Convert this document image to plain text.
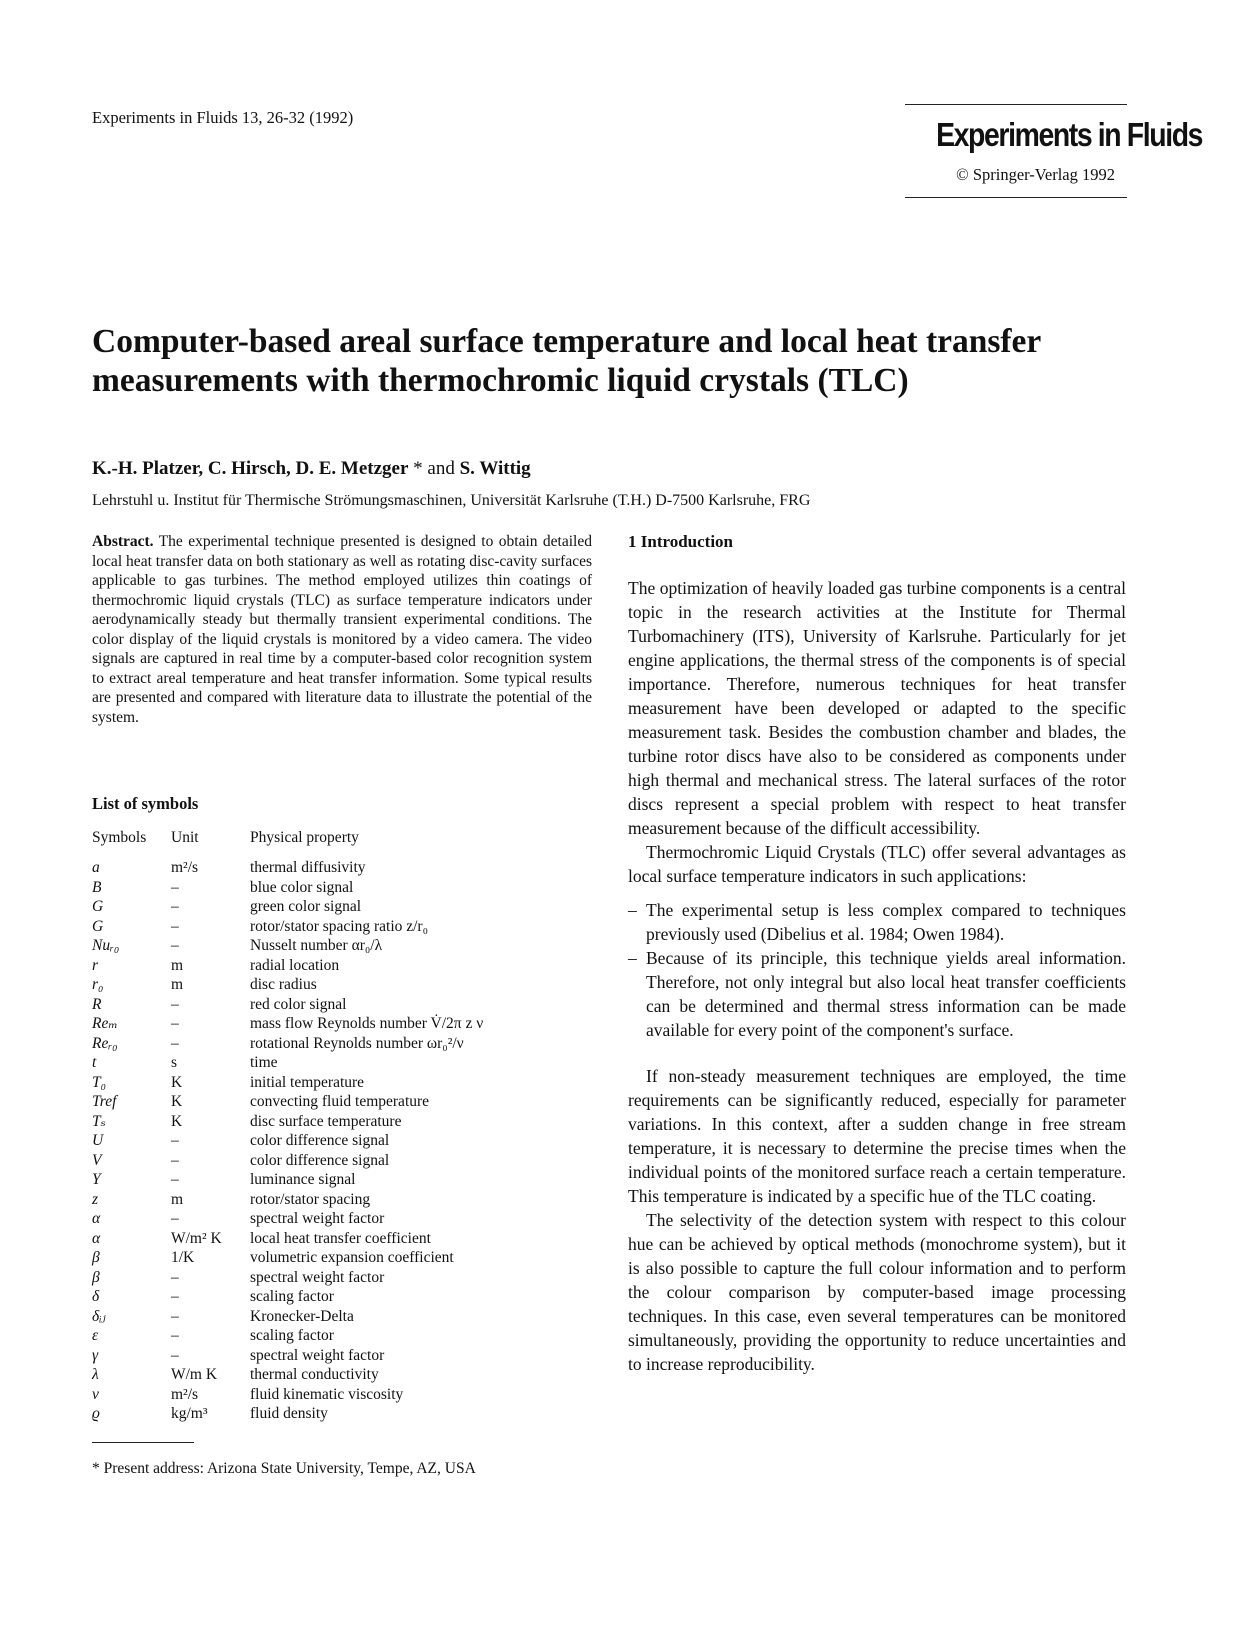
Experiments in Fluids 13, 26-32 (1992)	Experiments in Fluids
© Springer-Verlag 1992
Computer-based areal surface temperature and local heat transfer measurements with thermochromic liquid crystals (TLC)
K.-H. Platzer, C. Hirsch, D. E. Metzger * and S. Wittig
Lehrstuhl u. Institut für Thermische Strömungsmaschinen, Universität Karlsruhe (T.H.) D-7500 Karlsruhe, FRG
Abstract. The experimental technique presented is designed to obtain detailed local heat transfer data on both stationary as well as rotating disc-cavity surfaces applicable to gas turbines. The method employed utilizes thin coatings of thermochromic liquid crystals (TLC) as surface temperature indicators under aerodynamically steady but thermally transient experimental conditions. The color display of the liquid crystals is monitored by a video camera. The video signals are captured in real time by a computer-based color recognition system to extract areal temperature and heat transfer information. Some typical results are presented and compared with literature data to illustrate the potential of the system.
List of symbols
Symbols	Unit	Physical property
a	m²/s	thermal diffusivity
B	–	blue color signal
G	–	green color signal
G	–	rotor/stator spacing ratio z/r₀
Nuᵣ₀	–	Nusselt number αr₀/λ
r	m	radial location
r₀	m	disc radius
R	–	red color signal
Reₘ	–	mass flow Reynolds number V̇/2π z ν
Reᵣ₀	–	rotational Reynolds number ωr₀²/ν
t	s	time
T₀	K	initial temperature
Tref	K	convecting fluid temperature
Tₛ	K	disc surface temperature
U	–	color difference signal
V	–	color difference signal
Y	–	luminance signal
z	m	rotor/stator spacing
α	–	spectral weight factor
α	W/m² K	local heat transfer coefficient
β	1/K	volumetric expansion coefficient
β	–	spectral weight factor
δ	–	scaling factor
δᵢⱼ	–	Kronecker-Delta
ε	–	scaling factor
γ	–	spectral weight factor
λ	W/m K	thermal conductivity
ν	m²/s	fluid kinematic viscosity
ϱ	kg/m³	fluid density
* Present address: Arizona State University, Tempe, AZ, USA
1 Introduction

The optimization of heavily loaded gas turbine components is a central topic in the research activities at the Institute for Thermal Turbomachinery (ITS), University of Karlsruhe. Particularly for jet engine applications, the thermal stress of the components is of special importance. Therefore, numerous techniques for heat transfer measurement have been developed or adapted to the specific measurement task. Besides the combustion chamber and blades, the turbine rotor discs have also to be considered as components under high thermal and mechanical stress. The lateral surfaces of the rotor discs represent a special problem with respect to heat transfer measurement because of the difficult accessibility.

Thermochromic Liquid Crystals (TLC) offer several advantages as local surface temperature indicators in such applications:

– The experimental setup is less complex compared to techniques previously used (Dibelius et al. 1984; Owen 1984).
– Because of its principle, this technique yields areal information. Therefore, not only integral but also local heat transfer coefficients can be determined and thermal stress information can be made available for every point of the component's surface.

If non-steady measurement techniques are employed, the time requirements can be significantly reduced, especially for parameter variations. In this context, after a sudden change in free stream temperature, it is necessary to determine the precise times when the individual points of the monitored surface reach a certain temperature. This temperature is indicated by a specific hue of the TLC coating.

The selectivity of the detection system with respect to this colour hue can be achieved by optical methods (monochrome system), but it is also possible to capture the full colour information and to perform the colour comparison by computer-based image processing techniques. In this case, even several temperatures can be monitored simultaneously, providing the opportunity to reduce uncertainties and to increase reproducibility.
